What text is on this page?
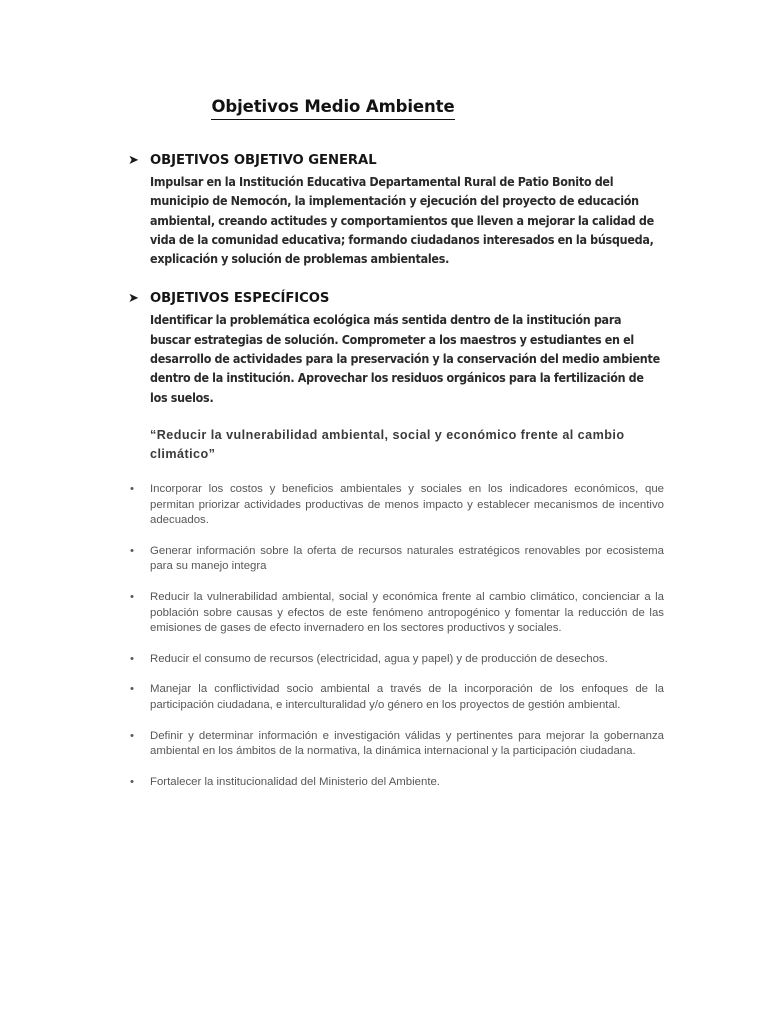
Objetivos Medio Ambiente
➤ OBJETIVOS OBJETIVO GENERAL

Impulsar en la Institución Educativa Departamental Rural de Patio Bonito del municipio de Nemocón, la implementación y ejecución del proyecto de educación ambiental, creando actitudes y comportamientos que lleven a mejorar la calidad de vida de la comunidad educativa; formando ciudadanos interesados en la búsqueda, explicación y solución de problemas ambientales.

➤ OBJETIVOS ESPECÍFICOS

Identificar la problemática ecológica más sentida dentro de la institución para buscar estrategias de solución. Comprometer a los maestros y estudiantes en el desarrollo de actividades para la preservación y la conservación del medio ambiente dentro de la institución. Aprovechar los residuos orgánicos para la fertilización de los suelos.

“Reducir la vulnerabilidad ambiental, social y económico frente al cambio climático”

• Incorporar los costos y beneficios ambientales y sociales en los indicadores económicos, que permitan priorizar actividades productivas de menos impacto y establecer mecanismos de incentivo adecuados.
• Generar información sobre la oferta de recursos naturales estratégicos renovables por ecosistema para su manejo integra
• Reducir la vulnerabilidad ambiental, social y económica frente al cambio climático, concienciar a la población sobre causas y efectos de este fenómeno antropogénico y fomentar la reducción de las emisiones de gases de efecto invernadero en los sectores productivos y sociales.
• Reducir el consumo de recursos (electricidad, agua y papel) y de producción de desechos.
• Manejar la conflictividad socio ambiental a través de la incorporación de los enfoques de la participación ciudadana, e interculturalidad y/o género en los proyectos de gestión ambiental.
• Definir y determinar información e investigación válidas y pertinentes para mejorar la gobernanza ambiental en los ámbitos de la normativa, la dinámica internacional y la participación ciudadana.
• Fortalecer la institucionalidad del Ministerio del Ambiente.
